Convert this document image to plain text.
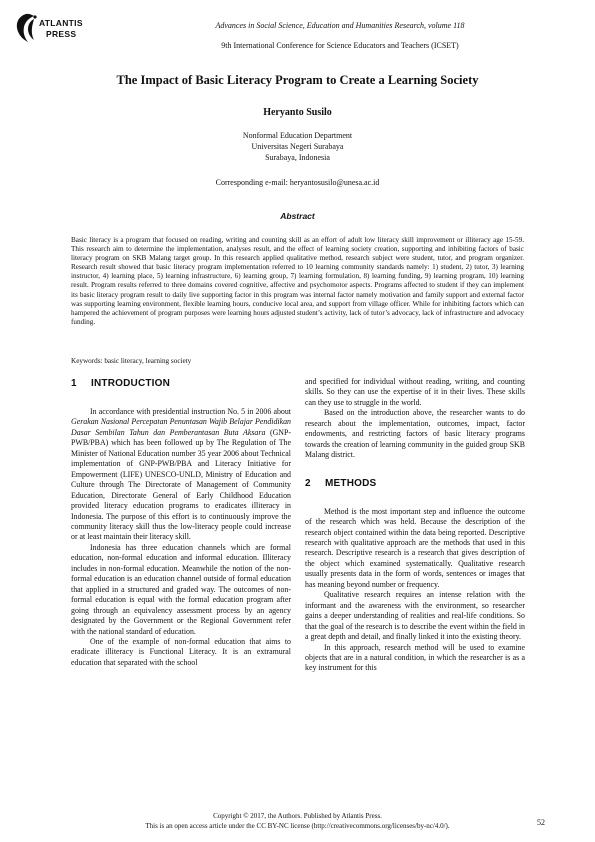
ATLANTIS
PRESS
Advances in Social Science, Education and Humanities Research, volume 118
9th International Conference for Science Educators and Teachers (ICSET)
The Impact of Basic Literacy Program to Create a Learning Society
Heryanto Susilo
Nonformal Education Department
Universitas Negeri Surabaya
Surabaya, Indonesia
Corresponding e-mail: heryantosusilo@unesa.ac.id
Abstract

Basic literacy is a program that focused on reading, writing and counting skill as an effort of adult low literacy skill improvement or illiteracy age 15-59. This research aim to determine the implementation, analyses result, and the effect of learning society creation, supporting and inhibiting factors of basic literacy program on SKB Malang target group. In this research applied qualitative method, research subject were student, tutor, and program organizer. Research result showed that basic literacy program implementation referred to 10 learning community standards namely: 1) student, 2) tutor, 3) learning instructor, 4) learning place, 5) learning infrastructure, 6) learning group, 7) learning formulation, 8) learning funding, 9) learning program, 10) learning result. Program results referred to three domains covered cognitive, affective and psychomotor aspects. Programs affected to student if they can implement its basic literacy program result to daily live supporting factor in this program was internal factor namely motivation and family support and external factor was supporting learning environment, flexible learning hours, conducive local area, and support from village officer. While for inhibiting factors which can hampered the achievement of program purposes were learning hours adjusted student’s activity, lack of tutor’s advocacy, lack of infrastructure and advocacy funding.

Keywords: basic literacy, learning society
1 INTRODUCTION

In accordance with presidential instruction No. 5 in 2006 about Gerakan Nasional Percepatan Penuntasan Wajib Belajar Pendidikan Dasar Sembilan Tahun dan Pemberantasan Buta Aksara (GNP-PWB/PBA) which has been followed up by The Regulation of The Minister of National Education number 35 year 2006 about Technical implementation of GNP-PWB/PBA and Literacy Initiative for Empowerment (LIFE) UNESCO-UNLD, Ministry of Education and Culture through The Directorate of Management of Community Education, Directorate General of Early Childhood Education provided literacy education programs to eradicates illiteracy in Indonesia. The purpose of this effort is to continuously improve the community literacy skill thus the low-literacy people could increase or at least maintain their literacy skill.

Indonesia has three education channels which are formal education, non-formal education and informal education. Illiteracy includes in non-formal education. Meanwhile the notion of the non-formal education is an education channel outside of formal education that applied in a structured and graded way. The outcomes of non-formal education is equal with the formal education program after going through an equivalency assessment process by an agency designated by the Government or the Regional Government refer with the national standard of education.

One of the example of non-formal education that aims to eradicate illiteracy is Functional Literacy. It is an extramural education that separated with the school

and specified for individual without reading, writing, and counting skills. So they can use the expertise of it in their lives. These skills can they use to struggle in the world.

Based on the introduction above, the researcher wants to do research about the implementation, outcomes, impact, factor endowments, and restricting factors of basic literacy programs towards the creation of learning community in the guided group SKB Malang district.

2 METHODS

Method is the most important step and influence the outcome of the research which was held. Because the description of the research object contained within the data being reported. Descriptive research with qualitative approach are the methods that used in this research. Descriptive research is a research that gives description of the object which examined systematically. Qualitative research usually presents data in the form of words, sentences or images that has meaning beyond number or frequency.

Qualitative research requires an intense relation with the informant and the awareness with the environment, so researcher gains a deeper understanding of realities and real-life conditions. So that the goal of the research is to describe the event within the field in a great depth and detail, and finally linked it into the existing theory.

In this approach, research method will be used to examine objects that are in a natural condition, in which the researcher is as a key instrument for this

Copyright © 2017, the Authors. Published by Atlantis Press.
This is an open access article under the CC BY-NC license (http://creativecommons.org/licenses/by-nc/4.0/).	52
